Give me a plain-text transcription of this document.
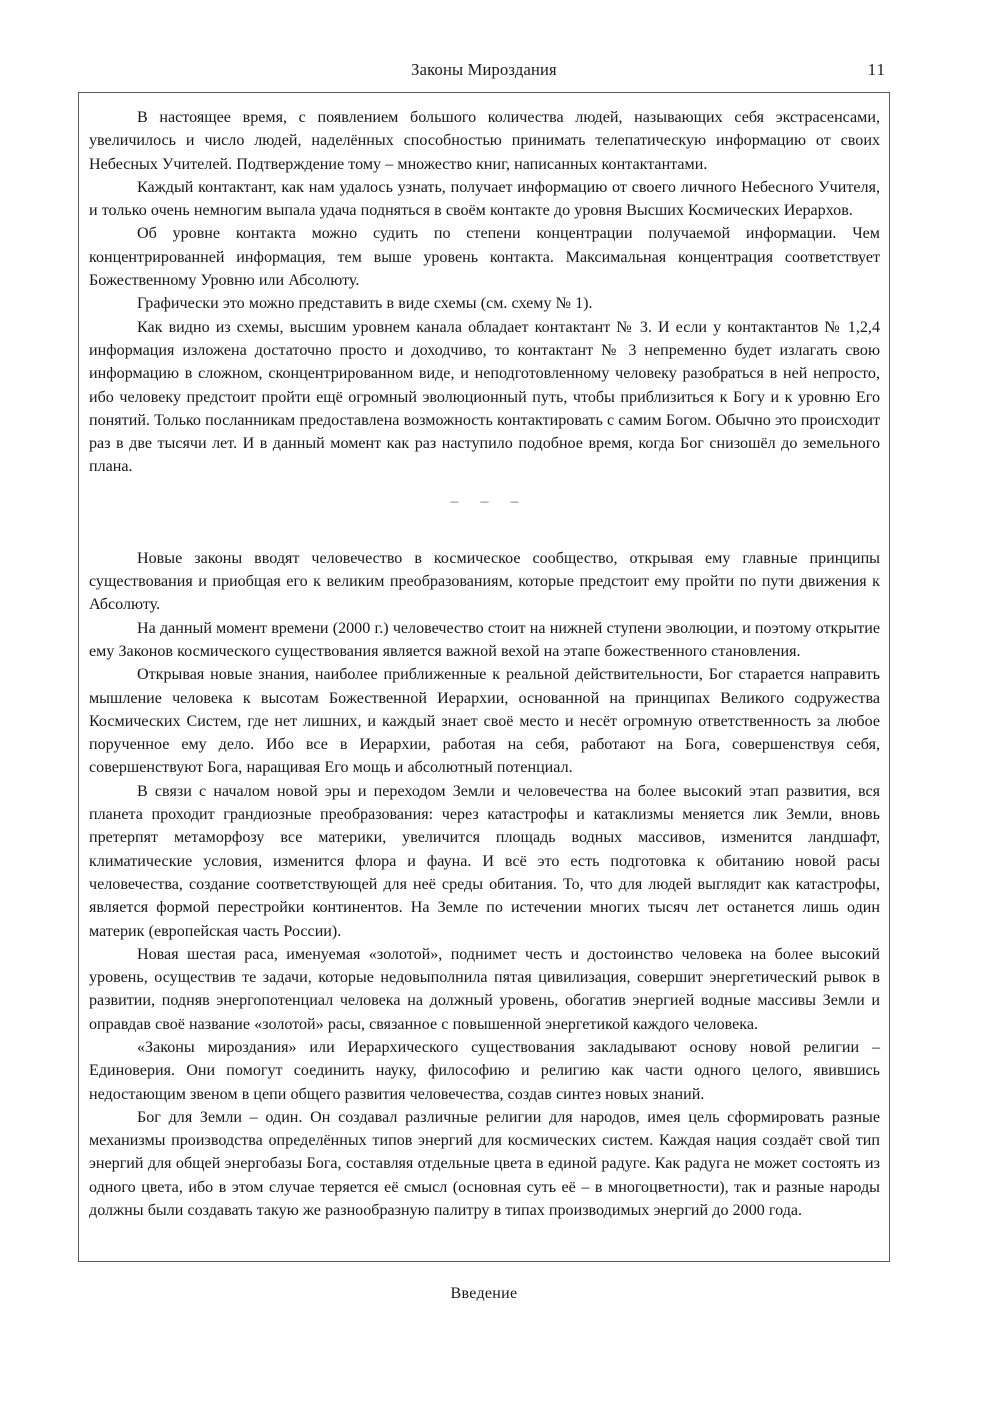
Законы Мироздания	11

В настоящее время, с появлением большого количества людей, называющих себя экстрасенсами, увеличилось и число людей, наделённых способностью принимать телепатическую информацию от своих Небесных Учителей. Подтверждение тому – множество книг, написанных контактантами.

Каждый контактант, как нам удалось узнать, получает информацию от своего личного Небесного Учителя, и только очень немногим выпала удача подняться в своём контакте до уровня Высших Космических Иерархов.

Об уровне контакта можно судить по степени концентрации получаемой информации. Чем концентрированней информация, тем выше уровень контакта. Максимальная концентрация соответствует Божественному Уровню или Абсолюту.

Графически это можно представить в виде схемы (см. схему № 1).

Как видно из схемы, высшим уровнем канала обладает контактант № 3. И если у контактантов № 1,2,4 информация изложена достаточно просто и доходчиво, то контактант № 3 непременно будет излагать свою информацию в сложном, сконцентрированном виде, и неподготовленному человеку разобраться в ней непросто, ибо человеку предстоит пройти ещё огромный эволюционный путь, чтобы приблизиться к Богу и к уровню Его понятий. Только посланникам предоставлена возможность контактировать с самим Богом. Обычно это происходит раз в две тысячи лет. И в данный момент как раз наступило подобное время, когда Бог снизошёл до земельного плана.

– – –

Новые законы вводят человечество в космическое сообщество, открывая ему главные принципы существования и приобщая его к великим преобразованиям, которые предстоит ему пройти по пути движения к Абсолюту.

На данный момент времени (2000 г.) человечество стоит на нижней ступени эволюции, и поэтому открытие ему Законов космического существования является важной вехой на этапе божественного становления.

Открывая новые знания, наиболее приближенные к реальной действительности, Бог старается направить мышление человека к высотам Божественной Иерархии, основанной на принципах Великого содружества Космических Систем, где нет лишних, и каждый знает своё место и несёт огромную ответственность за любое порученное ему дело. Ибо все в Иерархии, работая на себя, работают на Бога, совершенствуя себя, совершенствуют Бога, наращивая Его мощь и абсолютный потенциал.

В связи с началом новой эры и переходом Земли и человечества на более высокий этап развития, вся планета проходит грандиозные преобразования: через катастрофы и катаклизмы меняется лик Земли, вновь претерпят метаморфозу все материки, увеличится площадь водных массивов, изменится ландшафт, климатические условия, изменится флора и фауна. И всё это есть подготовка к обитанию новой расы человечества, создание соответствующей для неё среды обитания. То, что для людей выглядит как катастрофы, является формой перестройки континентов. На Земле по истечении многих тысяч лет останется лишь один материк (европейская часть России).

Новая шестая раса, именуемая «золотой», поднимет честь и достоинство человека на более высокий уровень, осуществив те задачи, которые недовыполнила пятая цивилизация, совершит энергетический рывок в развитии, подняв энергопотенциал человека на должный уровень, обогатив энергией водные массивы Земли и оправдав своё название «золотой» расы, связанное с повышенной энергетикой каждого человека.

«Законы мироздания» или Иерархического существования закладывают основу новой религии – Единоверия. Они помогут соединить науку, философию и религию как части одного целого, явившись недостающим звеном в цепи общего развития человечества, создав синтез новых знаний.

Бог для Земли – один. Он создавал различные религии для народов, имея цель сформировать разные механизмы производства определённых типов энергий для космических систем. Каждая нация создаёт свой тип энергий для общей энергобазы Бога, составляя отдельные цвета в единой радуге. Как радуга не может состоять из одного цвета, ибо в этом случае теряется её смысл (основная суть её – в многоцветности), так и разные народы должны были создавать такую же разнообразную палитру в типах производимых энергий до 2000 года.

Введение
